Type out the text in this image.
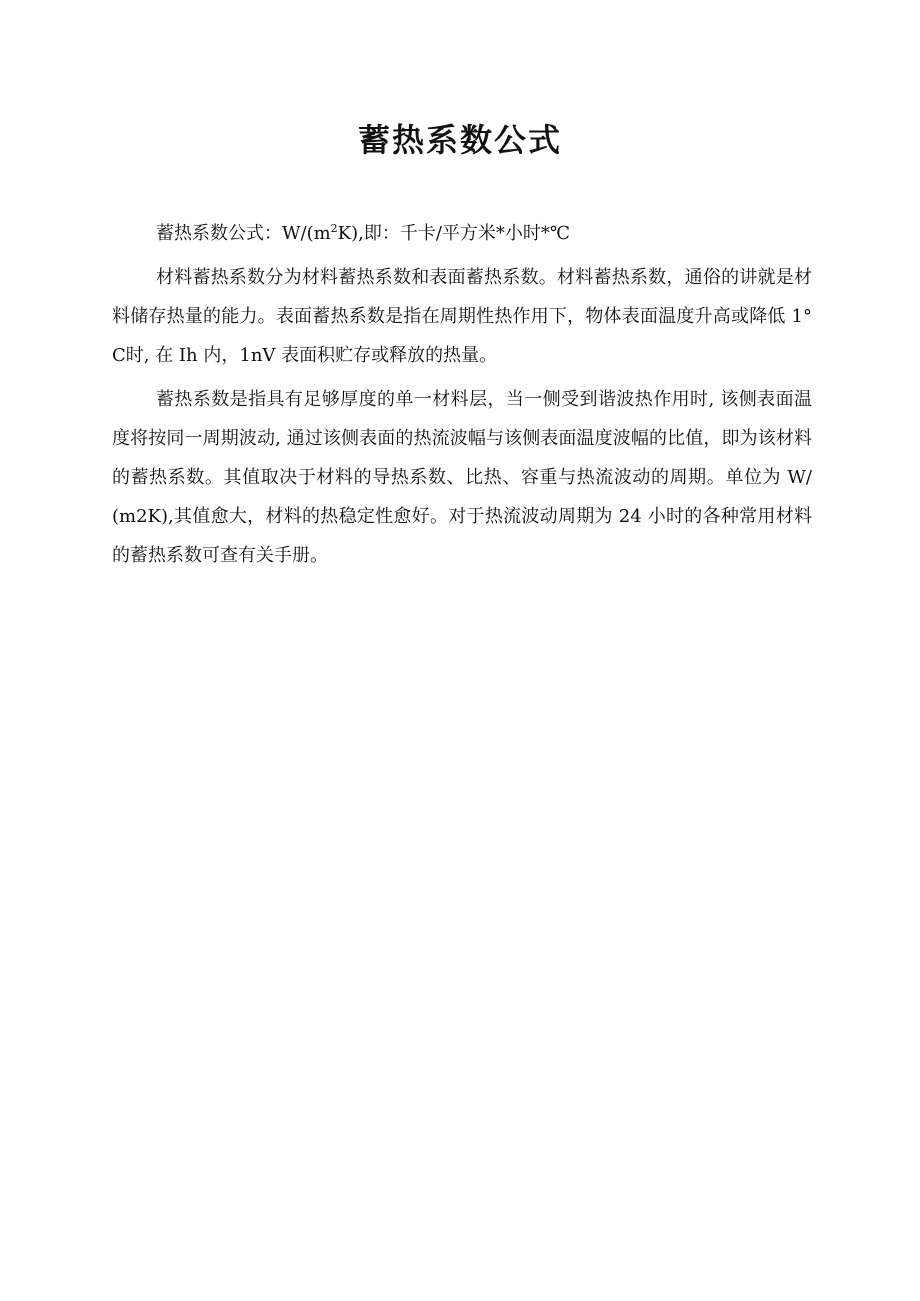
蓄热系数公式

蓄热系数公式：$W/(m^2K)$,即：千卡/平方米*小时*℃

材料蓄热系数分为材料蓄热系数和表面蓄热系数。材料蓄热系数，通俗的讲就是材料储存热量的能力。表面蓄热系数是指在周期性热作用下，物体表面温度升高或降低 1°C时, 在 Ih 内，1nV 表面积贮存或释放的热量。

蓄热系数是指具有足够厚度的单一材料层，当一侧受到谐波热作用时, 该侧表面温度将按同一周期波动, 通过该侧表面的热流波幅与该侧表面温度波幅的比值，即为该材料的蓄热系数。其值取决于材料的导热系数、比热、容重与热流波动的周期。单位为 W/(m2K),其值愈大，材料的热稳定性愈好。对于热流波动周期为 24 小时的各种常用材料的蓄热系数可查有关手册。
